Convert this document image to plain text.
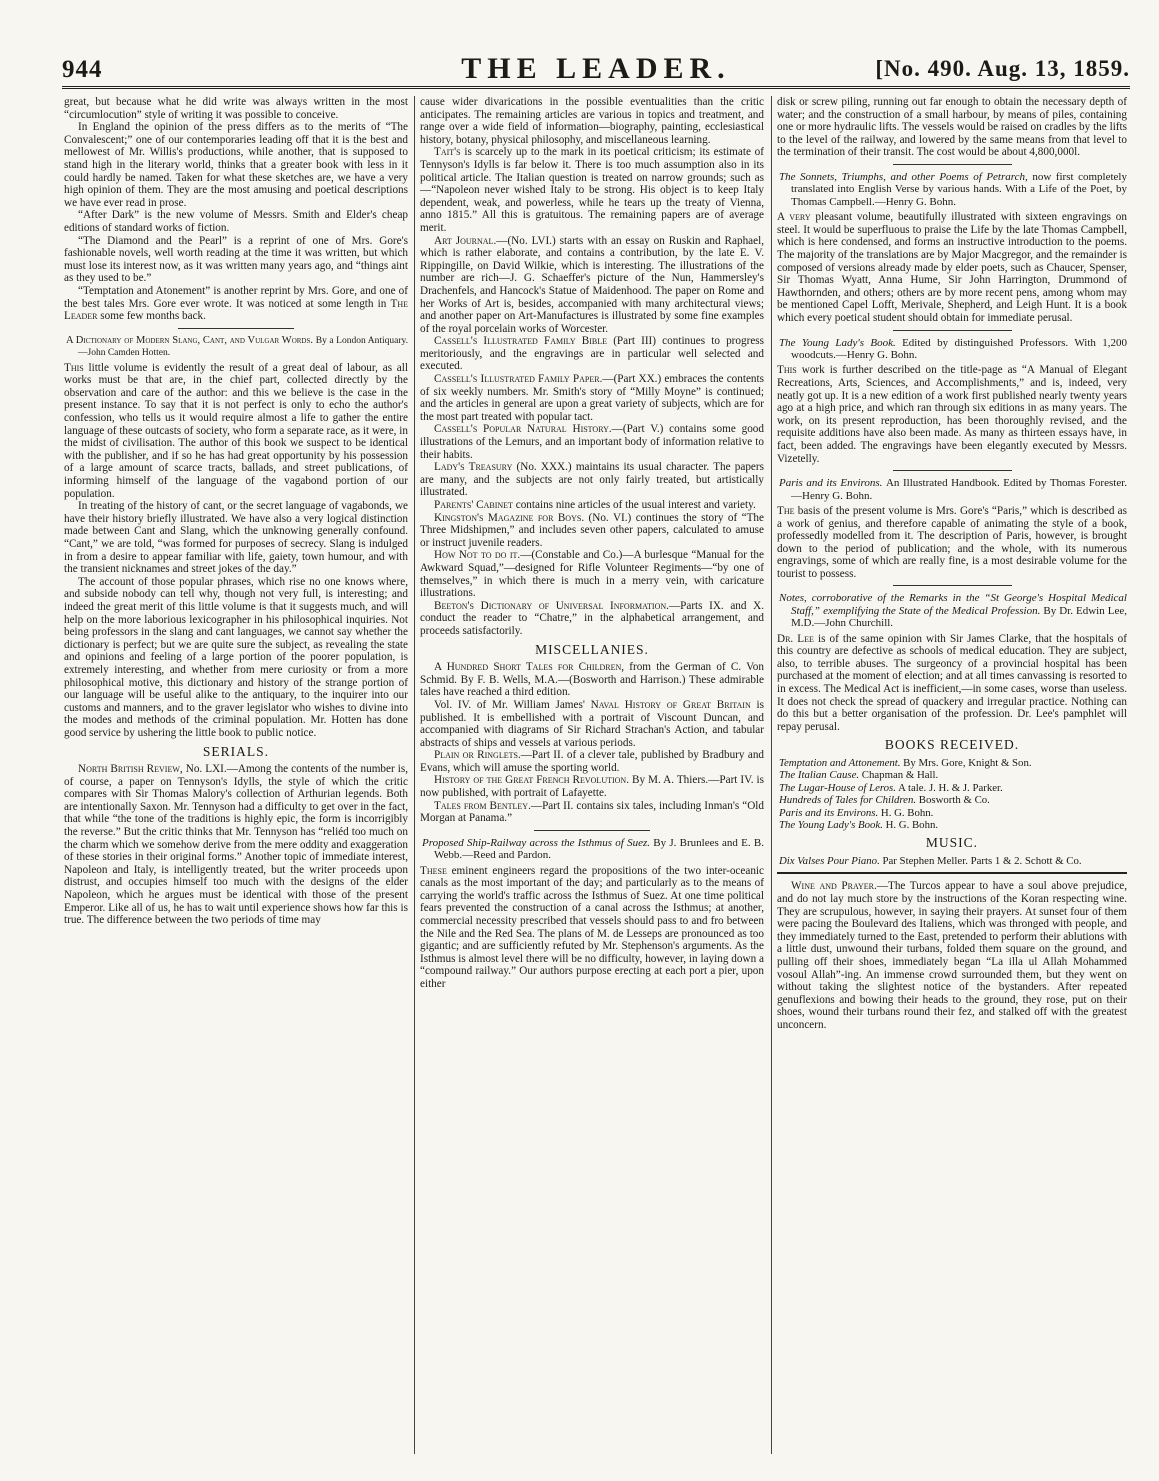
944	THE LEADER.	[No. 490. Aug. 13, 1859.

great, but because what he did write was always written in the most “circumlocution” style of writing it was possible to conceive.

In England the opinion of the press differs as to the merits of “The Convalescent;” one of our contemporaries leading off that it is the best and mellowest of Mr. Willis's productions, while another, that is supposed to stand high in the literary world, thinks that a greater book with less in it could hardly be named. Taken for what these sketches are, we have a very high opinion of them. They are the most amusing and poetical descriptions we have ever read in prose.

“After Dark” is the new volume of Messrs. Smith and Elder's cheap editions of standard works of fiction.

“The Diamond and the Pearl” is a reprint of one of Mrs. Gore's fashionable novels, well worth reading at the time it was written, but which must lose its interest now, as it was written many years ago, and “things aint as they used to be.”

“Temptation and Atonement” is another reprint by Mrs. Gore, and one of the best tales Mrs. Gore ever wrote. It was noticed at some length in The Leader some few months back.

A Dictionary of Modern Slang, Cant, and Vulgar Words. By a London Antiquary.—John Camden Hotten.

This little volume is evidently the result of a great deal of labour, as all works must be that are, in the chief part, collected directly by the observation and care of the author: and this we believe is the case in the present instance. To say that it is not perfect is only to echo the author's confession, who tells us it would require almost a life to gather the entire language of these outcasts of society, who form a separate race, as it were, in the midst of civilisation. The author of this book we suspect to be identical with the publisher, and if so he has had great opportunity by his possession of a large amount of scarce tracts, ballads, and street publications, of informing himself of the language of the vagabond portion of our population.

In treating of the history of cant, or the secret language of vagabonds, we have their history briefly illustrated. We have also a very logical distinction made between Cant and Slang, which the unknowing generally confound. “Cant,” we are told, “was formed for purposes of secrecy. Slang is indulged in from a desire to appear familiar with life, gaiety, town humour, and with the transient nicknames and street jokes of the day.”

The account of those popular phrases, which rise no one knows where, and subside nobody can tell why, though not very full, is interesting; and indeed the great merit of this little volume is that it suggests much, and will help on the more laborious lexicographer in his philosophical inquiries. Not being professors in the slang and cant languages, we cannot say whether the dictionary is perfect; but we are quite sure the subject, as revealing the state and opinions and feeling of a large portion of the poorer population, is extremely interesting, and whether from mere curiosity or from a more philosophical motive, this dictionary and history of the strange portion of our language will be useful alike to the antiquary, to the inquirer into our customs and manners, and to the graver legislator who wishes to divine into the modes and methods of the criminal population. Mr. Hotten has done good service by ushering the little book to public notice.

SERIALS.

North British Review, No. LXI.—Among the contents of the number is, of course, a paper on Tennyson's Idylls, the style of which the critic compares with Sir Thomas Malory's collection of Arthurian legends. Both are intentionally Saxon. Mr. Tennyson had a difficulty to get over in the fact, that while “the tone of the traditions is highly epic, the form is incorrigibly the reverse.” But the critic thinks that Mr. Tennyson has “reliéd too much on the charm which we somehow derive from the mere oddity and exaggeration of these stories in their original forms.” Another topic of immediate interest, Napoleon and Italy, is intelligently treated, but the writer proceeds upon distrust, and occupies himself too much with the designs of the elder Napoleon, which he argues must be identical with those of the present Emperor. Like all of us, he has to wait until experience shows how far this is true. The difference between the two periods of time may

cause wider divarications in the possible eventualities than the critic anticipates. The remaining articles are various in topics and treatment, and range over a wide field of information—biography, painting, ecclesiastical history, botany, physical philosophy, and miscellaneous learning.

Tait's is scarcely up to the mark in its poetical criticism; its estimate of Tennyson's Idylls is far below it. There is too much assumption also in its political article. The Italian question is treated on narrow grounds; such as—“Napoleon never wished Italy to be strong. His object is to keep Italy dependent, weak, and powerless, while he tears up the treaty of Vienna, anno 1815.” All this is gratuitous. The remaining papers are of average merit.

Art Journal.—(No. LVI.) starts with an essay on Ruskin and Raphael, which is rather elaborate, and contains a contribution, by the late E. V. Rippingille, on David Wilkie, which is interesting. The illustrations of the number are rich—J. G. Schaeffer's picture of the Nun, Hammersley's Drachenfels, and Hancock's Statue of Maidenhood. The paper on Rome and her Works of Art is, besides, accompanied with many architectural views; and another paper on Art-Manufactures is illustrated by some fine examples of the royal porcelain works of Worcester.

Cassell's Illustrated Family Bible (Part III) continues to progress meritoriously, and the engravings are in particular well selected and executed.

Cassell's Illustrated Family Paper.—(Part XX.) embraces the contents of six weekly numbers. Mr. Smith's story of “Milly Moyne” is continued; and the articles in general are upon a great variety of subjects, which are for the most part treated with popular tact.

Cassell's Popular Natural History.—(Part V.) contains some good illustrations of the Lemurs, and an important body of information relative to their habits.

Lady's Treasury (No. XXX.) maintains its usual character. The papers are many, and the subjects are not only fairly treated, but artistically illustrated.

Parents' Cabinet contains nine articles of the usual interest and variety.

Kingston's Magazine for Boys. (No. VI.) continues the story of “The Three Midshipmen,” and includes seven other papers, calculated to amuse or instruct juvenile readers.

How Not to do it.—(Constable and Co.)—A burlesque “Manual for the Awkward Squad,”—designed for Rifle Volunteer Regiments—“by one of themselves,” in which there is much in a merry vein, with caricature illustrations.

Beeton's Dictionary of Universal Information.—Parts IX. and X. conduct the reader to “Chatre,” in the alphabetical arrangement, and proceeds satisfactorily.

MISCELLANIES.

A Hundred Short Tales for Children, from the German of C. Von Schmid. By F. B. Wells, M.A.—(Bosworth and Harrison.) These admirable tales have reached a third edition.

Vol. IV. of Mr. William James' Naval History of Great Britain is published. It is embellished with a portrait of Viscount Duncan, and accompanied with diagrams of Sir Richard Strachan's Action, and tabular abstracts of ships and vessels at various periods.

Plain or Ringlets.—Part II. of a clever tale, published by Bradbury and Evans, which will amuse the sporting world.

History of the Great French Revolution. By M. A. Thiers.—Part IV. is now published, with portrait of Lafayette.

Tales from Bentley.—Part II. contains six tales, including Inman's “Old Morgan at Panama.”

Proposed Ship-Railway across the Isthmus of Suez. By J. Brunlees and E. B. Webb.—Reed and Pardon.

These eminent engineers regard the propositions of the two inter-oceanic canals as the most important of the day; and particularly as to the means of carrying the world's traffic across the Isthmus of Suez. At one time political fears prevented the construction of a canal across the Isthmus; at another, commercial necessity prescribed that vessels should pass to and fro between the Nile and the Red Sea. The plans of M. de Lesseps are pronounced as too gigantic; and are sufficiently refuted by Mr. Stephenson's arguments. As the Isthmus is almost level there will be no difficulty, however, in laying down a “compound railway.” Our authors purpose erecting at each port a pier, upon either

disk or screw piling, running out far enough to obtain the necessary depth of water; and the construction of a small harbour, by means of piles, containing one or more hydraulic lifts. The vessels would be raised on cradles by the lifts to the level of the railway, and lowered by the same means from that level to the termination of their transit. The cost would be about 4,800,000l.

The Sonnets, Triumphs, and other Poems of Petrarch, now first completely translated into English Verse by various hands. With a Life of the Poet, by Thomas Campbell.—Henry G. Bohn.

A very pleasant volume, beautifully illustrated with sixteen engravings on steel. It would be superfluous to praise the Life by the late Thomas Campbell, which is here condensed, and forms an instructive introduction to the poems. The majority of the translations are by Major Macgregor, and the remainder is composed of versions already made by elder poets, such as Chaucer, Spenser, Sir Thomas Wyatt, Anna Hume, Sir John Harrington, Drummond of Hawthornden, and others; others are by more recent pens, among whom may be mentioned Capel Lofft, Merivale, Shepherd, and Leigh Hunt. It is a book which every poetical student should obtain for immediate perusal.

The Young Lady's Book. Edited by distinguished Professors. With 1,200 woodcuts.—Henry G. Bohn.

This work is further described on the title-page as “A Manual of Elegant Recreations, Arts, Sciences, and Accomplishments,” and is, indeed, very neatly got up. It is a new edition of a work first published nearly twenty years ago at a high price, and which ran through six editions in as many years. The work, on its present reproduction, has been thoroughly revised, and the requisite additions have also been made. As many as thirteen essays have, in fact, been added. The engravings have been elegantly executed by Messrs. Vizetelly.

Paris and its Environs. An Illustrated Handbook. Edited by Thomas Forester.—Henry G. Bohn.

The basis of the present volume is Mrs. Gore's “Paris,” which is described as a work of genius, and therefore capable of animating the style of a book, professedly modelled from it. The description of Paris, however, is brought down to the period of publication; and the whole, with its numerous engravings, some of which are really fine, is a most desirable volume for the tourist to possess.

Notes, corroborative of the Remarks in the “St George's Hospital Medical Staff,” exemplifying the State of the Medical Profession. By Dr. Edwin Lee, M.D.—John Churchill.

Dr. Lee is of the same opinion with Sir James Clarke, that the hospitals of this country are defective as schools of medical education. They are subject, also, to terrible abuses. The surgeoncy of a provincial hospital has been purchased at the moment of election; and at all times canvassing is resorted to in excess. The Medical Act is inefficient,—in some cases, worse than useless. It does not check the spread of quackery and irregular practice. Nothing can do this but a better organisation of the profession. Dr. Lee's pamphlet will repay perusal.

BOOKS RECEIVED.
Temptation and Attonement. By Mrs. Gore, Knight & Son.
The Italian Cause. Chapman & Hall.
The Lugar-House of Leros. A tale. J. H. & J. Parker.
Hundreds of Tales for Children. Bosworth & Co.
Paris and its Environs. H. G. Bohn.
The Young Lady's Book. H. G. Bohn.
MUSIC.
Dix Valses Pour Piano. Par Stephen Meller. Parts 1 & 2. Schott & Co.

Wine and Prayer.—The Turcos appear to have a soul above prejudice, and do not lay much store by the instructions of the Koran respecting wine. They are scrupulous, however, in saying their prayers. At sunset four of them were pacing the Boulevard des Italiens, which was thronged with people, and they immediately turned to the East, pretended to perform their ablutions with a little dust, unwound their turbans, folded them square on the ground, and pulling off their shoes, immediately began “La illa ul Allah Mohammed vosoul Allah”-ing. An immense crowd surrounded them, but they went on without taking the slightest notice of the bystanders. After repeated genuflexions and bowing their heads to the ground, they rose, put on their shoes, wound their turbans round their fez, and stalked off with the greatest unconcern.
